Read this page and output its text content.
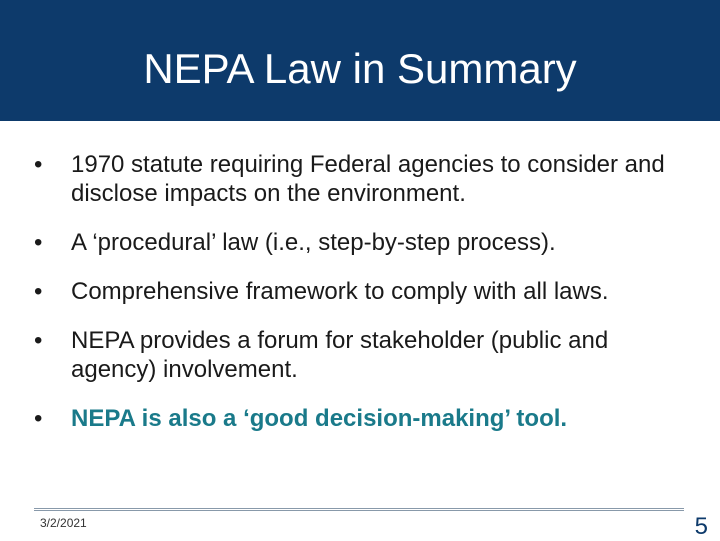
NEPA Law in Summary
•	1970 statute requiring Federal agencies to consider and disclose impacts on the environment.
•	A ‘procedural’ law (i.e., step-by-step process).
•	Comprehensive framework to comply with all laws.
•	NEPA provides a forum for stakeholder (public and agency) involvement.
•	NEPA is also a ‘good decision-making’ tool.
3/2/2021	5
